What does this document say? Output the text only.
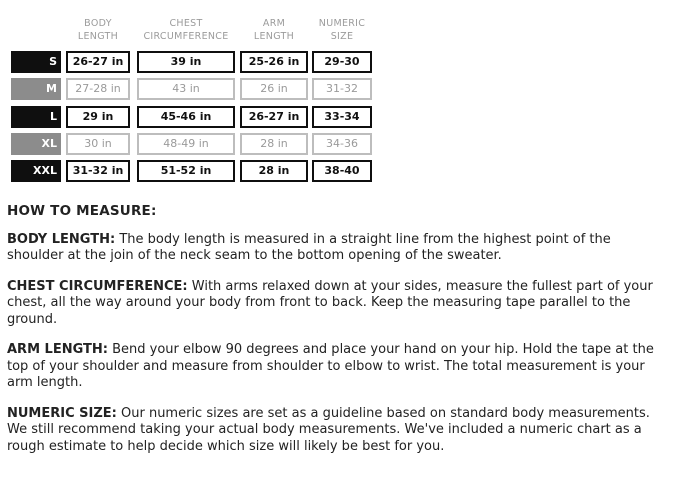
BODY
LENGTH
CHEST
CIRCUMFERENCE
ARM
LENGTH
NUMERIC
SIZE
S	26-27 in	39 in	25-26 in	29-30
M	27-28 in	43 in	26 in	31-32
L	29 in	45-46 in	26-27 in	33-34
XL	30 in	48-49 in	28 in	34-36
XXL	31-32 in	51-52 in	28 in	38-40
HOW TO MEASURE:

BODY LENGTH: The body length is measured in a straight line from the highest point of the shoulder at the join of the neck seam to the bottom opening of the sweater.

CHEST CIRCUMFERENCE: With arms relaxed down at your sides, measure the fullest part of your chest, all the way around your body from front to back. Keep the measuring tape parallel to the ground.

ARM LENGTH: Bend your elbow 90 degrees and place your hand on your hip. Hold the tape at the top of your shoulder and measure from shoulder to elbow to wrist. The total measurement is your arm length.

NUMERIC SIZE: Our numeric sizes are set as a guideline based on standard body measurements. We still recommend taking your actual body measurements. We've included a numeric chart as a rough estimate to help decide which size will likely be best for you.
